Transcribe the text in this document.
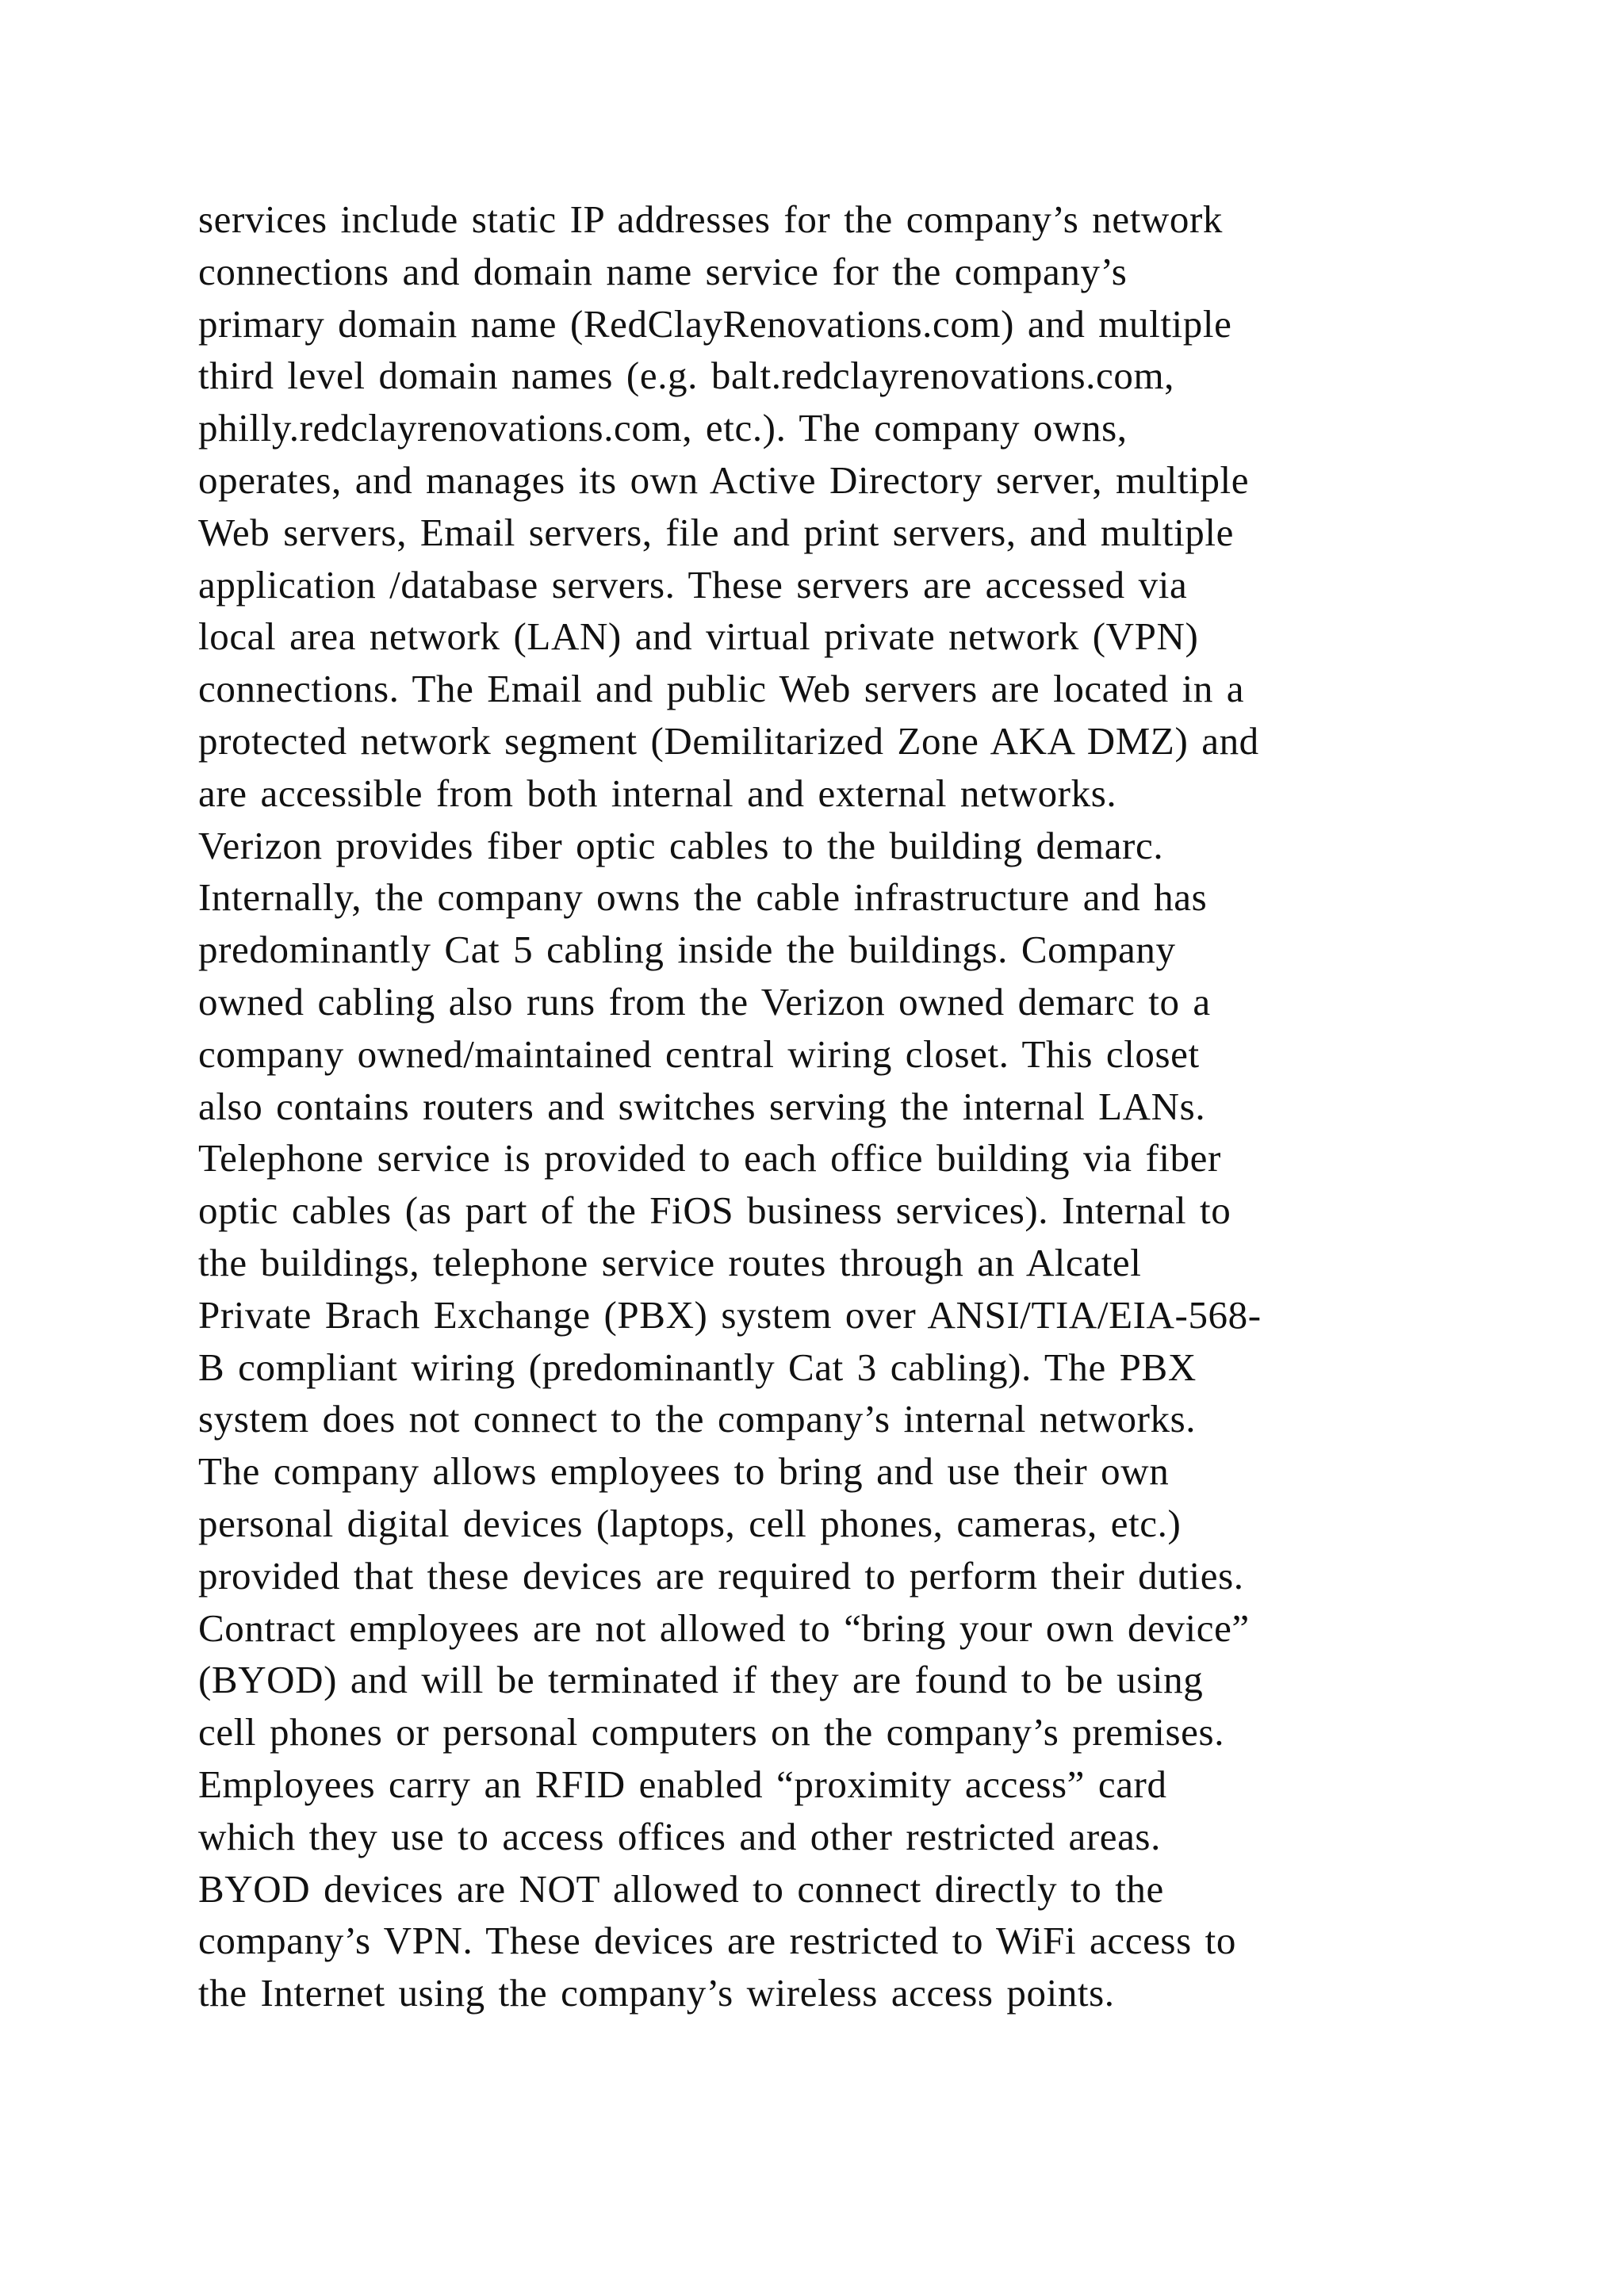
services include static IP addresses for the company’s network
connections and domain name service for the company’s
primary domain name (RedClayRenovations.com) and multiple
third level domain names (e.g. balt.redclayrenovations.com,
philly.redclayrenovations.com, etc.). The company owns,
operates, and manages its own Active Directory server, multiple
Web servers, Email servers, file and print servers, and multiple
application /database servers. These servers are accessed via
local area network (LAN) and virtual private network (VPN)
connections. The Email and public Web servers are located in a
protected network segment (Demilitarized Zone AKA DMZ) and
are accessible from both internal and external networks.
Verizon provides fiber optic cables to the building demarc.
Internally, the company owns the cable infrastructure and has
predominantly Cat 5 cabling inside the buildings. Company
owned cabling also runs from the Verizon owned demarc to a
company owned/maintained central wiring closet. This closet
also contains routers and switches serving the internal LANs.
Telephone service is provided to each office building via fiber
optic cables (as part of the FiOS business services). Internal to
the buildings, telephone service routes through an Alcatel
Private Brach Exchange (PBX) system over ANSI/TIA/EIA-568-
B compliant wiring (predominantly Cat 3 cabling). The PBX
system does not connect to the company’s internal networks.
The company allows employees to bring and use their own
personal digital devices (laptops, cell phones, cameras, etc.)
provided that these devices are required to perform their duties.
Contract employees are not allowed to “bring your own device”
(BYOD) and will be terminated if they are found to be using
cell phones or personal computers on the company’s premises.
Employees carry an RFID enabled “proximity access” card
which they use to access offices and other restricted areas.
BYOD devices are NOT allowed to connect directly to the
company’s VPN. These devices are restricted to WiFi access to
the Internet using the company’s wireless access points.
